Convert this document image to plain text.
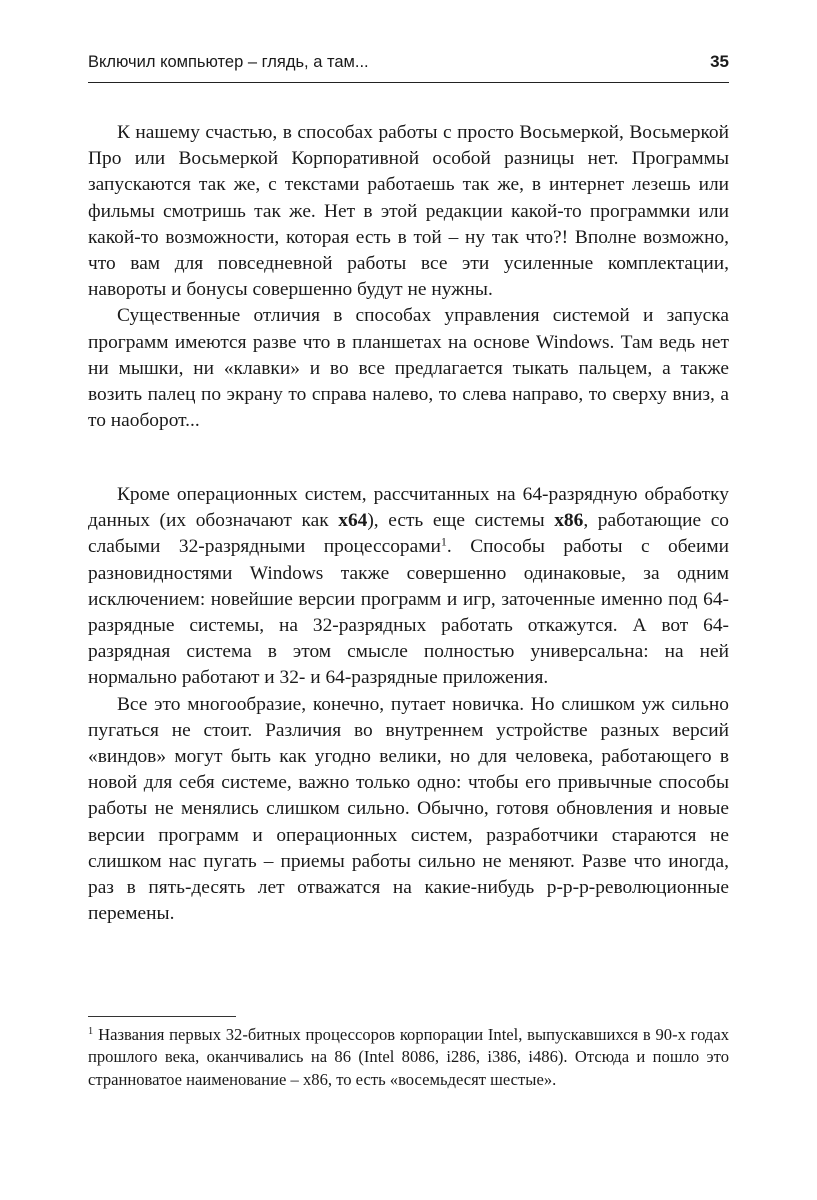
Включил компьютер – глядь, а там...	35

К нашему счастью, в способах работы с просто Восьмеркой, Восьмеркой Про или Восьмеркой Корпоративной особой разницы нет. Программы запускаются так же, с текстами работаешь так же, в интернет лезешь или фильмы смотришь так же. Нет в этой редакции какой-то программки или какой-то возможности, которая есть в той – ну так что?! Вполне возможно, что вам для повседневной работы все эти усиленные комплектации, навороты и бонусы совершенно будут не нужны.

Существенные отличия в способах управления системой и запуска программ имеются разве что в планшетах на основе Windows. Там ведь нет ни мышки, ни «клавки» и во все предлагается тыкать пальцем, а также возить палец по экрану то справа налево, то слева направо, то сверху вниз, а то наоборот...

Кроме операционных систем, рассчитанных на 64-разрядную обработку данных (их обозначают как x64), есть еще системы x86, работающие со слабыми 32-разрядными процессорами$^1$. Способы работы с обеими разновидностями Windows также совершенно одинаковые, за одним исключением: новейшие версии программ и игр, заточенные именно под 64-разрядные системы, на 32-разрядных работать откажутся. А вот 64-разрядная система в этом смысле полностью универсальна: на ней нормально работают и 32- и 64-разрядные приложения.

Все это многообразие, конечно, путает новичка. Но слишком уж сильно пугаться не стоит. Различия во внутреннем устройстве разных версий «виндов» могут быть как угодно велики, но для человека, работающего в новой для себя системе, важно только одно: чтобы его привычные способы работы не менялись слишком сильно. Обычно, готовя обновления и новые версии программ и операционных систем, разработчики стараются не слишком нас пугать – приемы работы сильно не меняют. Разве что иногда, раз в пять-десять лет отважатся на какие-нибудь р-р-р-революционные перемены.

$^1$ Названия первых 32-битных процессоров корпорации Intel, выпускавшихся в 90-х годах прошлого века, оканчивались на 86 (Intel 8086, i286, i386, i486). Отсюда и пошло это странноватое наименование – x86, то есть «восемьдесят шестые».
